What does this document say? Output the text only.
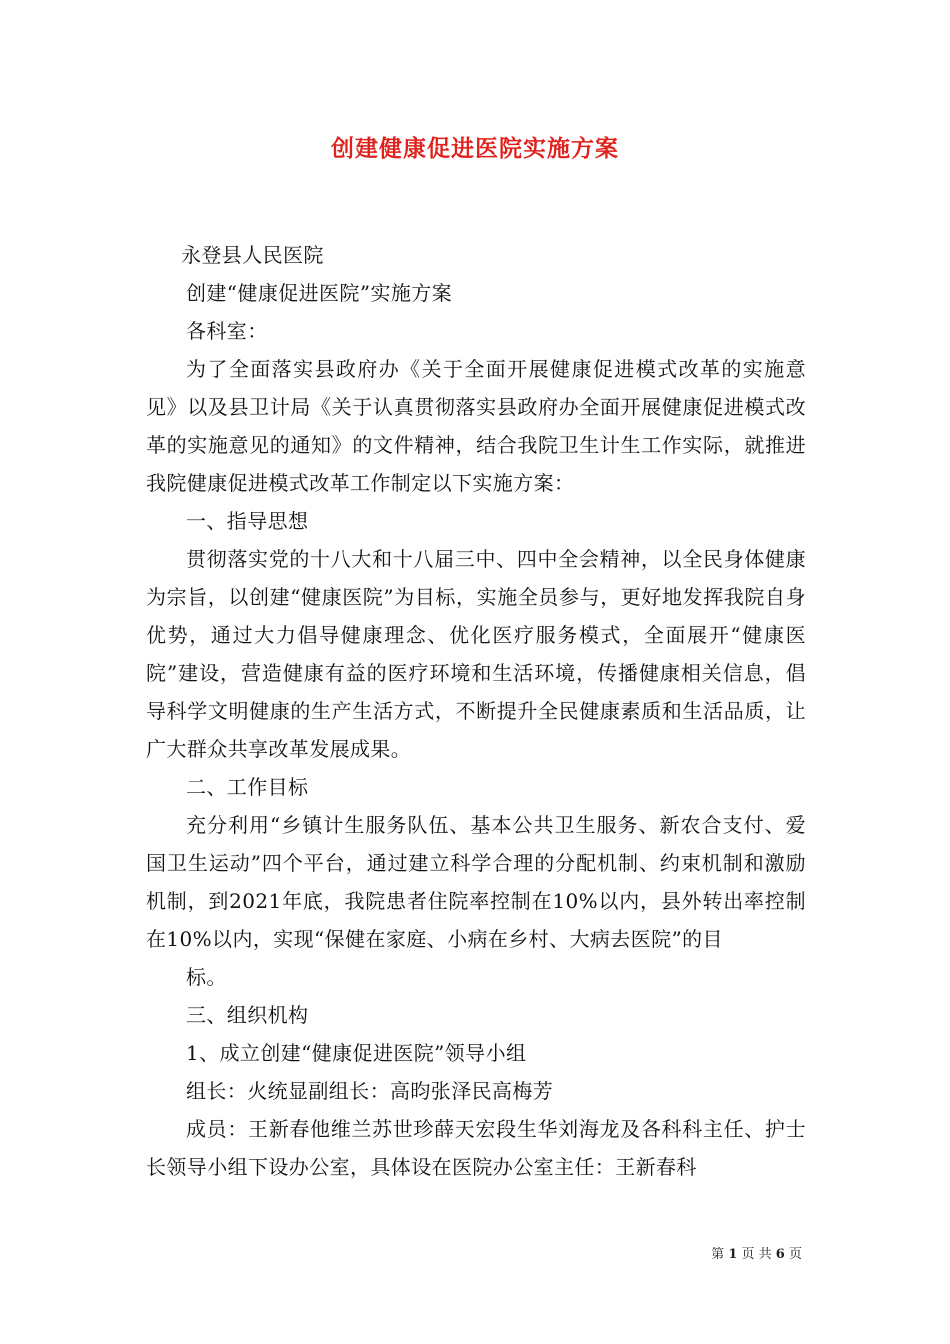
创建健康促进医院实施方案

永登县人民医院

创建“健康促进医院”实施方案

各科室：

为了全面落实县政府办《关于全面开展健康促进模式改革的实施意见》以及县卫计局《关于认真贯彻落实县政府办全面开展健康促进模式改革的实施意见的通知》的文件精神，结合我院卫生计生工作实际，就推进我院健康促进模式改革工作制定以下实施方案：

一、指导思想

贯彻落实党的十八大和十八届三中、四中全会精神，以全民身体健康为宗旨，以创建“健康医院”为目标，实施全员参与，更好地发挥我院自身优势，通过大力倡导健康理念、优化医疗服务模式，全面展开“健康医院”建设，营造健康有益的医疗环境和生活环境，传播健康相关信息，倡导科学文明健康的生产生活方式，不断提升全民健康素质和生活品质，让广大群众共享改革发展成果。

二、工作目标

充分利用“乡镇计生服务队伍、基本公共卫生服务、新农合支付、爱国卫生运动”四个平台，通过建立科学合理的分配机制、约束机制和激励机制，到2021年底，我院患者住院率控制在10%以内，县外转出率控制在10%以内，实现“保健在家庭、小病在乡村、大病去医院”的目

标。

三、组织机构

1、成立创建“健康促进医院”领导小组

组长：火统显副组长：高昀张泽民高梅芳

成员：王新春他维兰苏世珍薛天宏段生华刘海龙及各科科主任、护士长领导小组下设办公室，具体设在医院办公室主任：王新春科

第 1 页 共 6 页
